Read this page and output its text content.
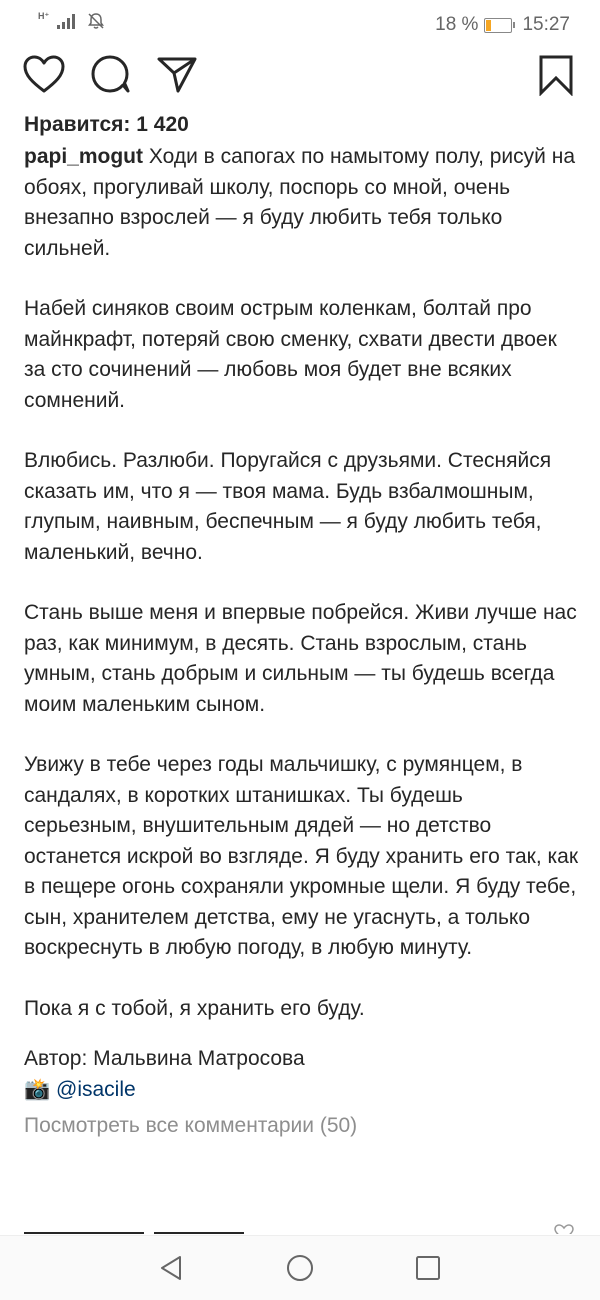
H⁺	18 % 15:27

Нравится: 1 420

papi_mogut Ходи в сапогах по намытому полу, рисуй на обоях, прогуливай школу, поспорь со мной, очень внезапно взрослей — я буду любить тебя только сильней.

Набей синяков своим острым коленкам, болтай про майнкрафт, потеряй свою сменку, схвати двести двоек за сто сочинений — любовь моя будет вне всяких сомнений.

Влюбись. Разлюби. Поругайся с друзьями. Стесняйся сказать им, что я — твоя мама. Будь взбалмошным, глупым, наивным, беспечным — я буду любить тебя, маленький, вечно.

Стань выше меня и впервые побрейся. Живи лучше нас раз, как минимум, в десять. Стань взрослым, стань умным, стань добрым и сильным — ты будешь всегда моим маленьким сыном.

Увижу в тебе через годы мальчишку, с румянцем, в сандалях, в коротких штанишках. Ты будешь серьезным, внушительным дядей — но детство останется искрой во взгляде. Я буду хранить его так, как в пещере огонь сохраняли укромные щели. Я буду тебе, сын, хранителем детства, ему не угаснуть, а только воскреснуть в любую погоду, в любую минуту.

Пока я с тобой, я хранить его буду.

Автор: Мальвина Матросова

📸 @isacile

Посмотреть все комментарии (50)
